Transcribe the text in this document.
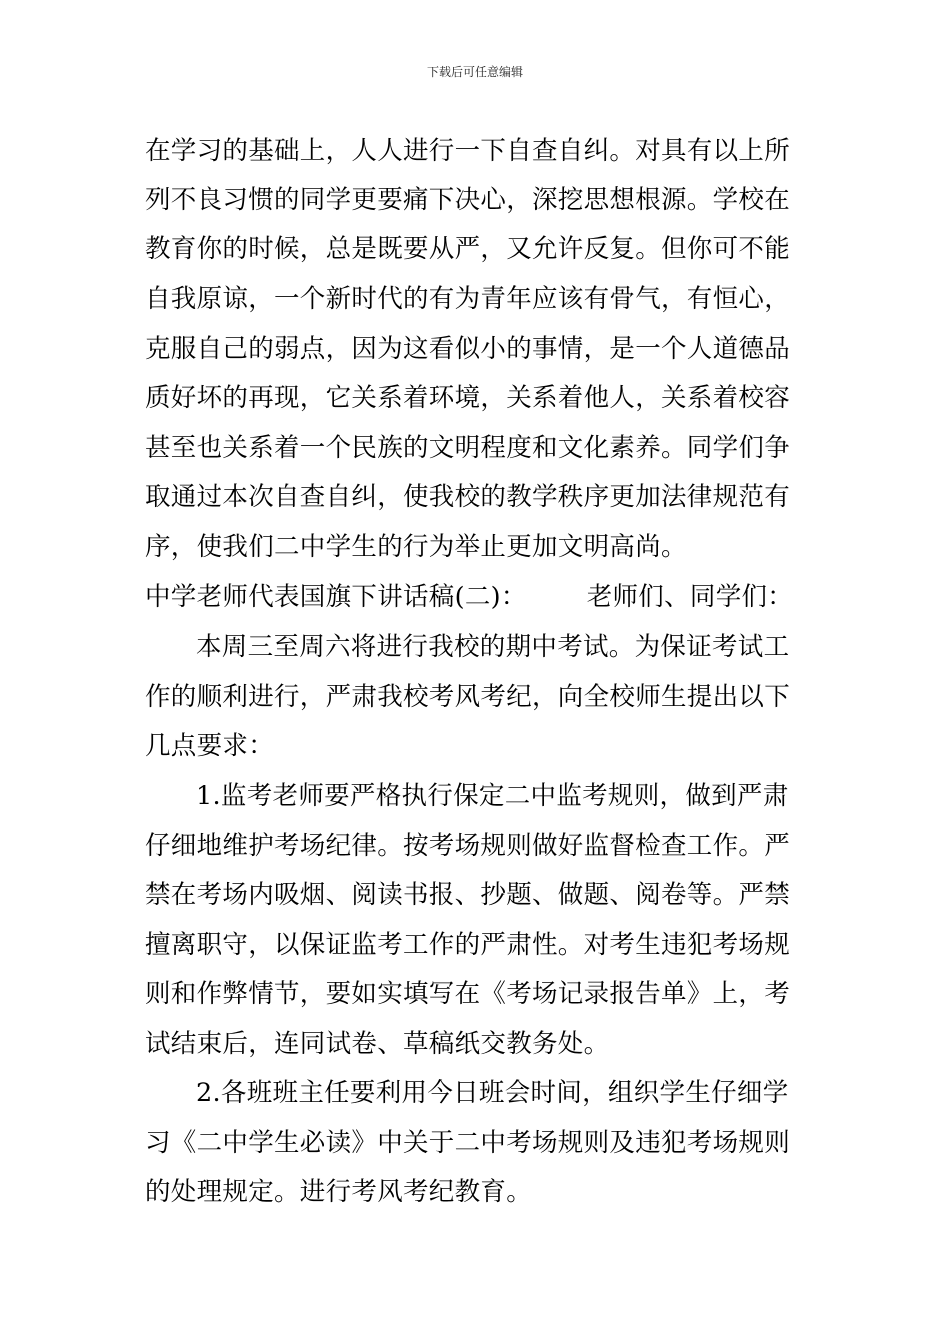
下载后可任意编辑
在学习的基础上，人人进行一下自查自纠。对具有以上所
列不良习惯的同学更要痛下决心，深挖思想根源。学校在
教育你的时候，总是既要从严，又允许反复。但你可不能
自我原谅，一个新时代的有为青年应该有骨气，有恒心，
克服自己的弱点，因为这看似小的事情，是一个人道德品
质好坏的再现，它关系着环境，关系着他人，关系着校容
甚至也关系着一个民族的文明程度和文化素养。同学们争
取通过本次自查自纠，使我校的教学秩序更加法律规范有
序，使我们二中学生的行为举止更加文明高尚。
中学老师代表国旗下讲话稿(二)： 老师们、同学们：
本周三至周六将进行我校的期中考试。为保证考试工
作的顺利进行，严肃我校考风考纪，向全校师生提出以下
几点要求：
1.监考老师要严格执行保定二中监考规则，做到严肃
仔细地维护考场纪律。按考场规则做好监督检查工作。严
禁在考场内吸烟、阅读书报、抄题、做题、阅卷等。严禁
擅离职守，以保证监考工作的严肃性。对考生违犯考场规
则和作弊情节，要如实填写在《考场记录报告单》上，考
试结束后，连同试卷、草稿纸交教务处。
2.各班班主任要利用今日班会时间，组织学生仔细学
习《二中学生必读》中关于二中考场规则及违犯考场规则
的处理规定。进行考风考纪教育。
